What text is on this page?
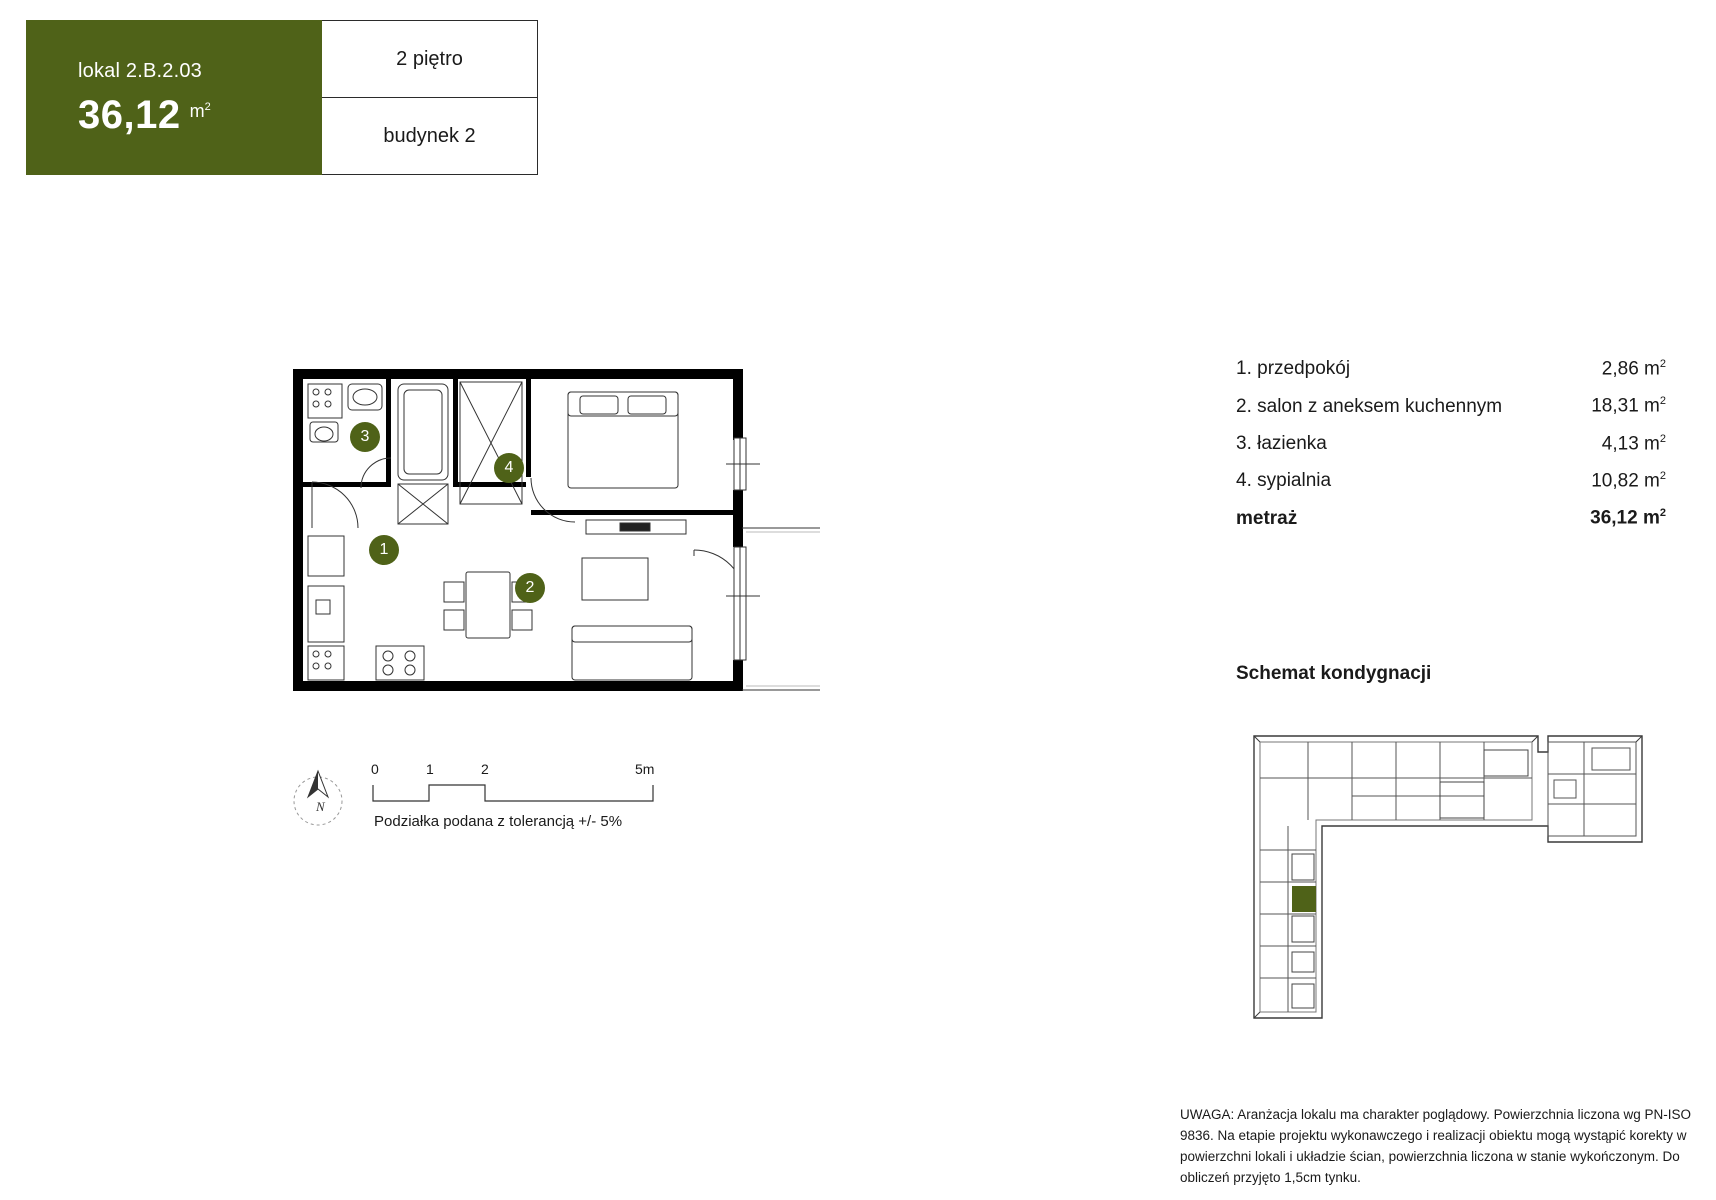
lokal 2.B.2.03
36,12 $m^2$
2 piętro
budynek 2
1
2
3
4
N
0	1	2	5m
Podziałka podana z tolerancją +/- 5%
1. przedpokój	2,86 $m^2$
2. salon z aneksem kuchennym	18,31 $m^2$
3. łazienka	4,13 $m^2$
4. sypialnia	10,82 $m^2$
metraż	36,12 $m^2$
Schemat kondygnacji
UWAGA: Aranżacja lokalu ma charakter poglądowy. Powierzchnia liczona wg PN-ISO 9836. Na etapie projektu wykonawczego i realizacji obiektu mogą wystąpić korekty w powierzchni lokali i układzie ścian, powierzchnia liczona w stanie wykończonym. Do obliczeń przyjęto 1,5cm tynku.
